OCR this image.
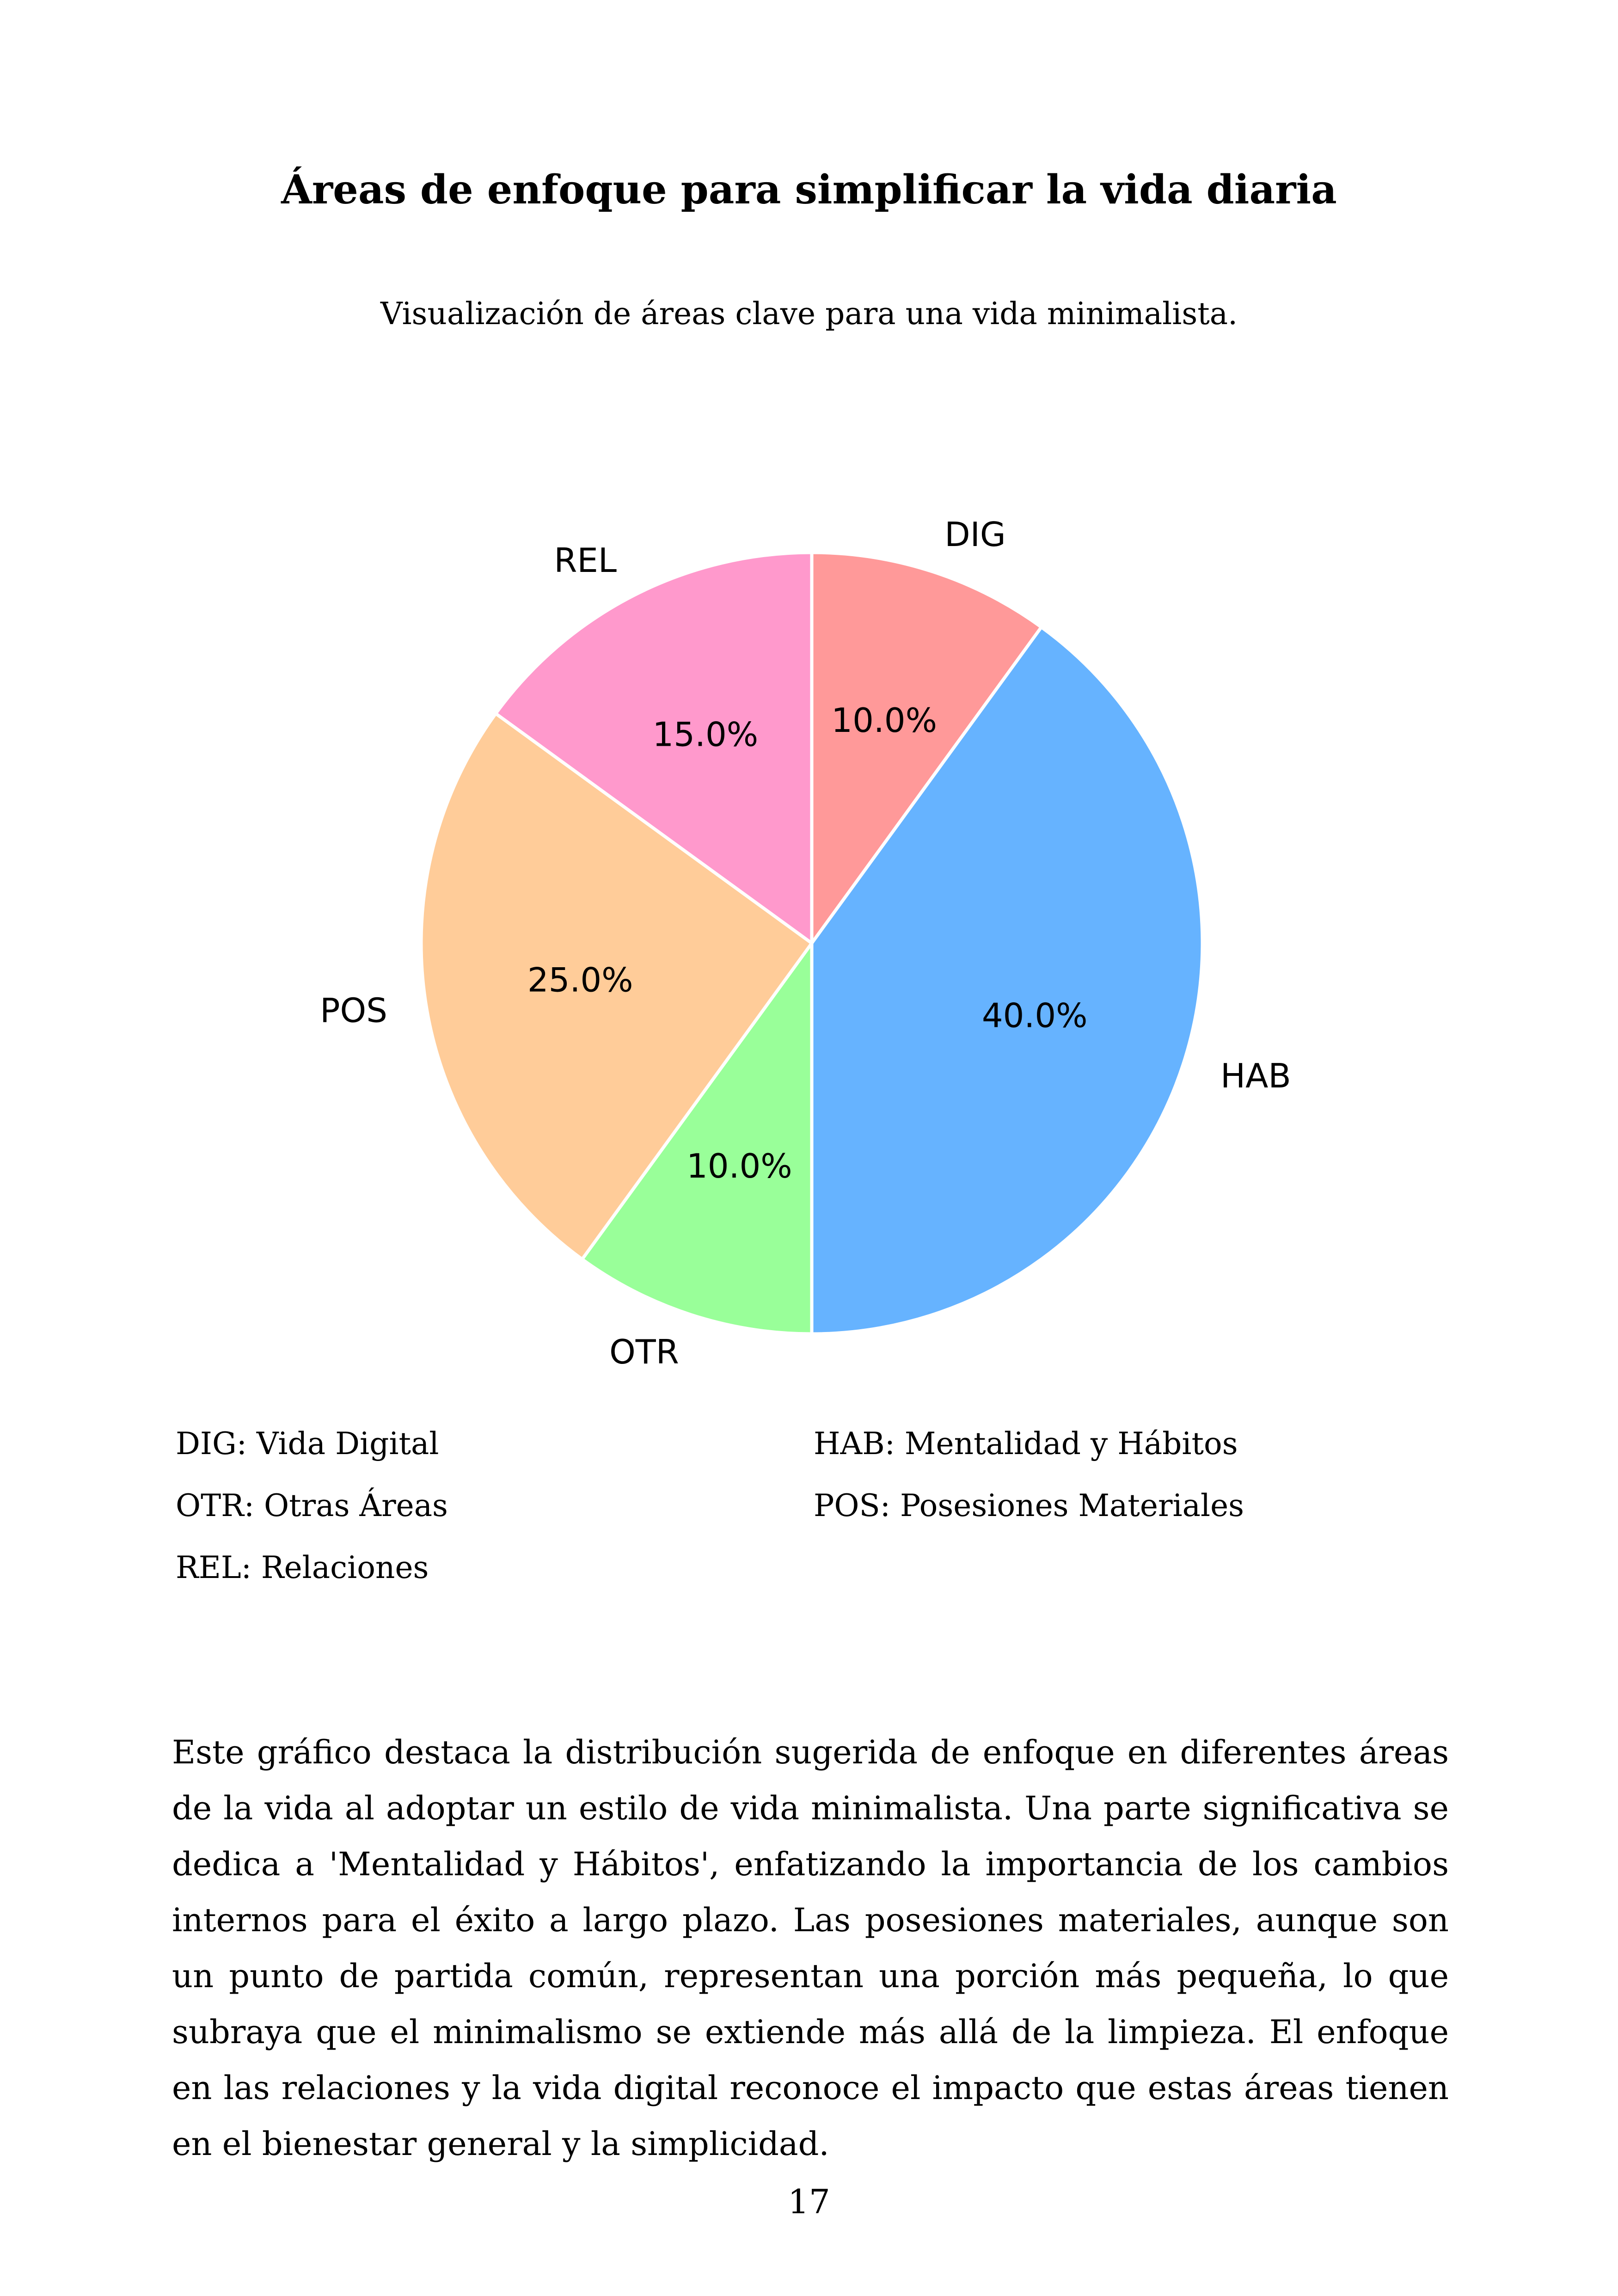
Áreas de enfoque para simplificar la vida diaria
Visualización de áreas clave para una vida minimalista.
10.0%
DIG
40.0%
HAB
10.0%
OTR
25.0%
POS
15.0%
REL
DIG: Vida Digital	HAB: Mentalidad y Hábitos
OTR: Otras Áreas	POS: Posesiones Materiales
REL: Relaciones

Este gráfico destaca la distribución sugerida de enfoque en diferentes áreas de la vida al adoptar un estilo de vida minimalista. Una parte significativa se dedica a 'Mentalidad y Hábitos', enfatizando la importancia de los cambios internos para el éxito a largo plazo. Las posesiones materiales, aunque son un punto de partida común, representan una porción más pequeña, lo que subraya que el minimalismo se extiende más allá de la limpieza. El enfoque en las relaciones y la vida digital reconoce el impacto que estas áreas tienen en el bienestar general y la simplicidad.

17
